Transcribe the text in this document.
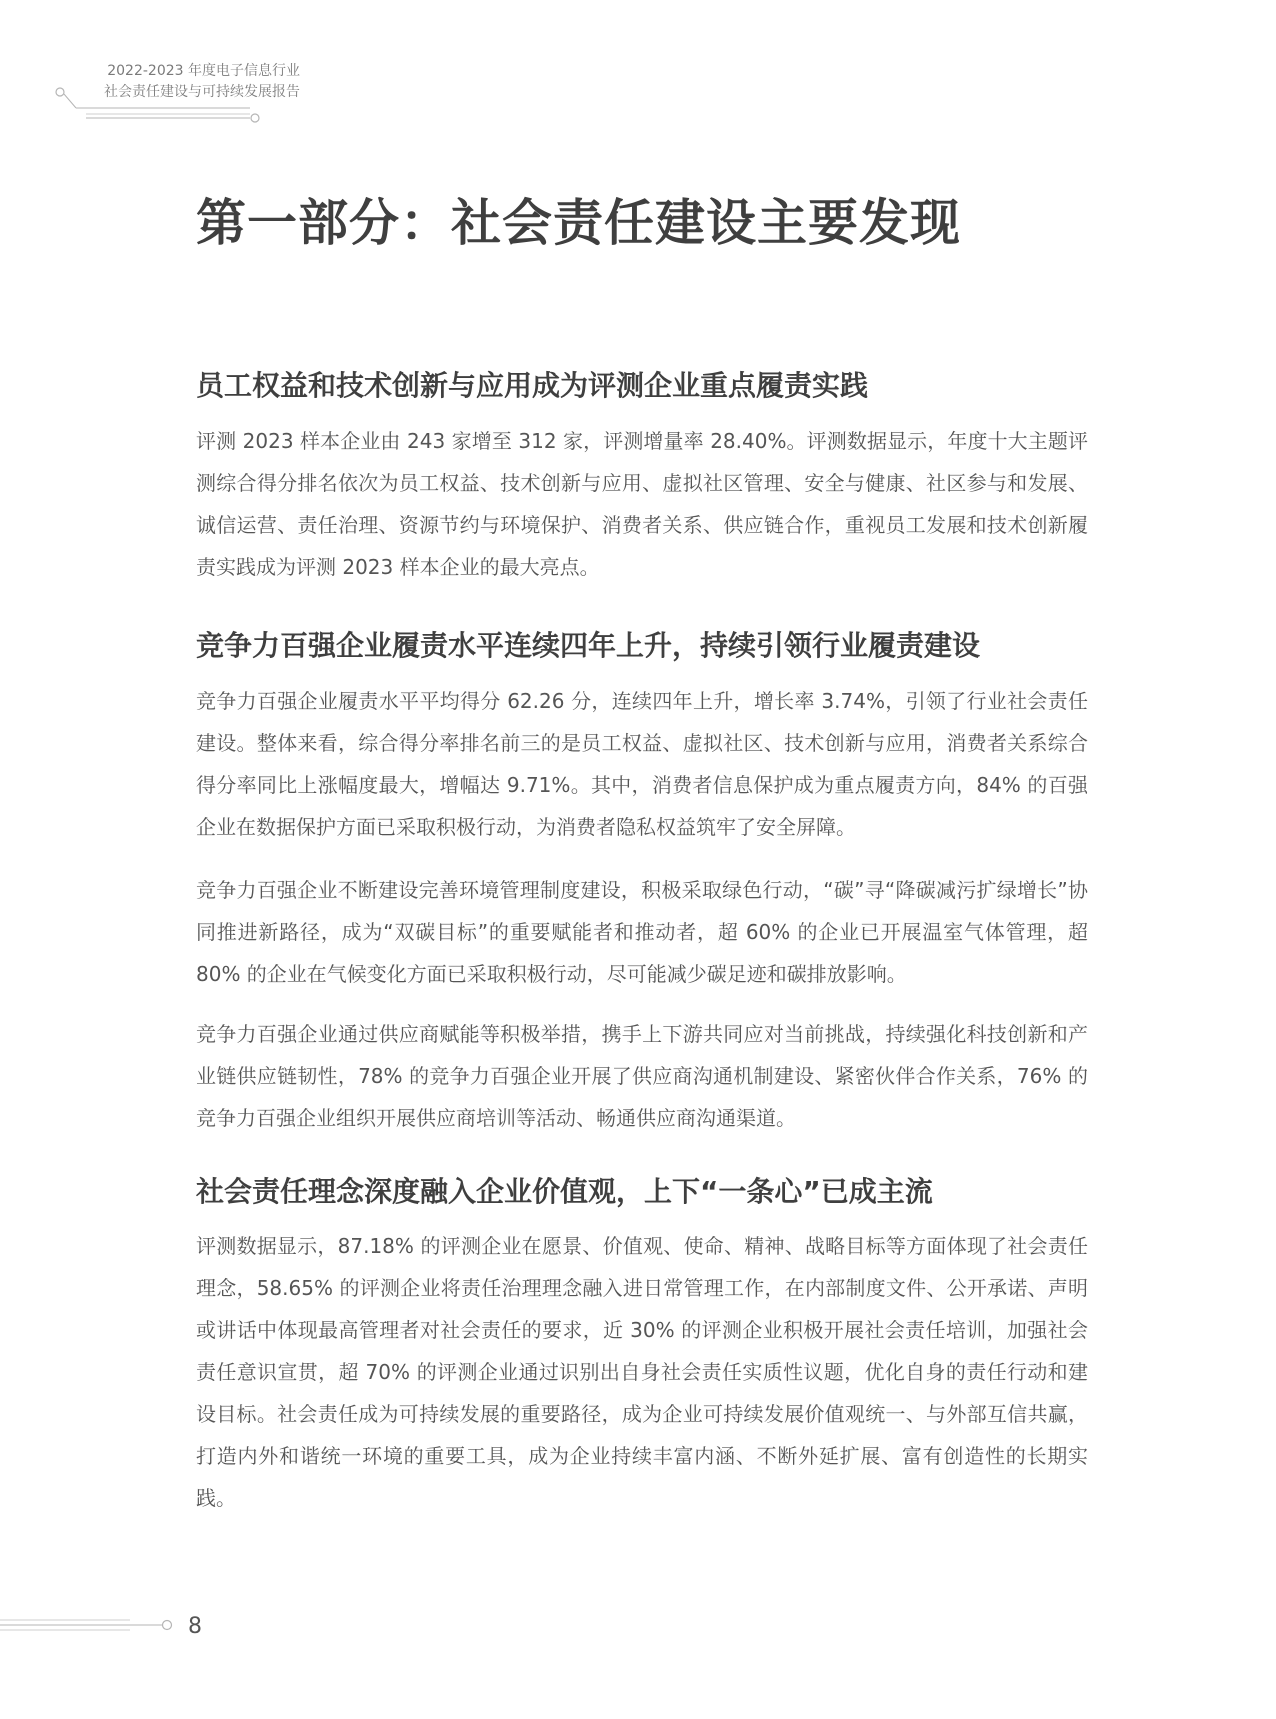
2022-2023 年度电子信息行业
社会责任建设与可持续发展报告
第一部分：社会责任建设主要发现
员工权益和技术创新与应用成为评测企业重点履责实践

评测 2023 样本企业由 243 家增至 312 家，评测增量率 28.40%。评测数据显示，年度十大主题评测综合得分排名依次为员工权益、技术创新与应用、虚拟社区管理、安全与健康、社区参与和发展、诚信运营、责任治理、资源节约与环境保护、消费者关系、供应链合作，重视员工发展和技术创新履责实践成为评测 2023 样本企业的最大亮点。

竞争力百强企业履责水平连续四年上升，持续引领行业履责建设

竞争力百强企业履责水平平均得分 62.26 分，连续四年上升，增长率 3.74%，引领了行业社会责任建设。整体来看，综合得分率排名前三的是员工权益、虚拟社区、技术创新与应用，消费者关系综合得分率同比上涨幅度最大，增幅达 9.71%。其中，消费者信息保护成为重点履责方向，84% 的百强企业在数据保护方面已采取积极行动，为消费者隐私权益筑牢了安全屏障。

竞争力百强企业不断建设完善环境管理制度建设，积极采取绿色行动，“碳”寻“降碳减污扩绿增长”协同推进新路径，成为“双碳目标”的重要赋能者和推动者，超 60% 的企业已开展温室气体管理，超 80% 的企业在气候变化方面已采取积极行动，尽可能减少碳足迹和碳排放影响。

竞争力百强企业通过供应商赋能等积极举措，携手上下游共同应对当前挑战，持续强化科技创新和产业链供应链韧性，78% 的竞争力百强企业开展了供应商沟通机制建设、紧密伙伴合作关系，76% 的竞争力百强企业组织开展供应商培训等活动、畅通供应商沟通渠道。

社会责任理念深度融入企业价值观，上下“一条心”已成主流

评测数据显示，87.18% 的评测企业在愿景、价值观、使命、精神、战略目标等方面体现了社会责任理念，58.65% 的评测企业将责任治理理念融入进日常管理工作，在内部制度文件、公开承诺、声明或讲话中体现最高管理者对社会责任的要求，近 30% 的评测企业积极开展社会责任培训，加强社会责任意识宣贯，超 70% 的评测企业通过识别出自身社会责任实质性议题，优化自身的责任行动和建设目标。社会责任成为可持续发展的重要路径，成为企业可持续发展价值观统一、与外部互信共赢，打造内外和谐统一环境的重要工具，成为企业持续丰富内涵、不断外延扩展、富有创造性的长期实践。

8
